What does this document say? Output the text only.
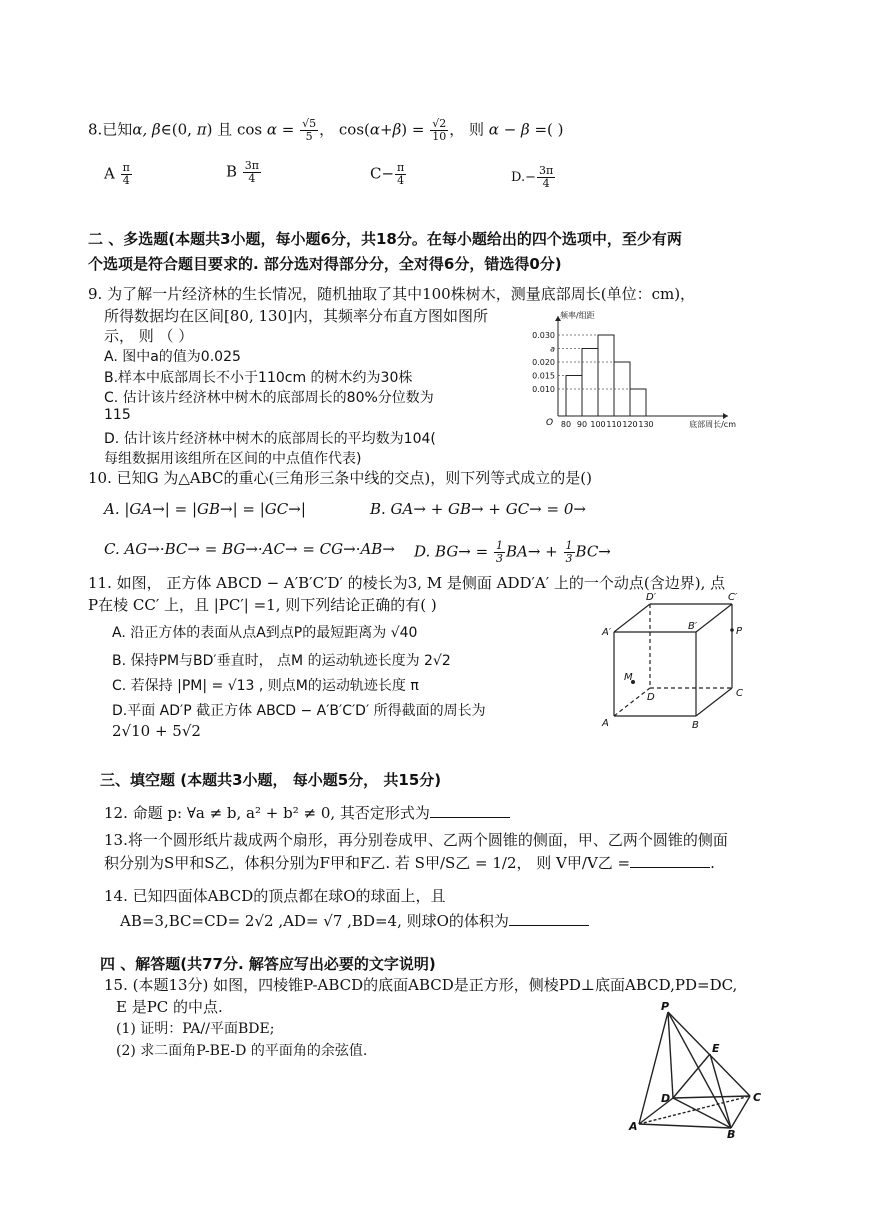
8.已知α, β∈(0, π) 且 $\cos \alpha = \frac{√5}{5}$ ， $\cos(\alpha+\beta) = \frac{√2}{10}$ ， 则 α − β =( )
A $\frac{\pi}{4}$	B $\frac{3\pi}{4}$	$C- \frac{\pi}{4}$	$D.- \frac{3\pi}{4}$
二 、多选题(本题共3小题，每小题6分，共18分。在每小题给出的四个选项中，至少有两
个选项是符合题目要求的. 部分选对得部分分，全对得6分，错选得0分)
9. 为了解一片经济林的生长情况，随机抽取了其中100株树木，测量底部周长(单位：cm)，
所得数据均在区间[80, 130]内，其频率分布直方图如图所
示， 则 （ ）
A. 图中a的值为0.025
B.样本中底部周长不小于110cm 的树木约为30株
C. 估计该片经济林中树木的底部周长的80%分位数为
115
D. 估计该片经济林中树木的底部周长的平均数为104(
每组数据用该组所在区间的中点值作代表)
0.030
a
0.020
0.015
0.010
80 90 100 110 120 130
O
频率/组距
底部周长/cm
10. 已知G 为△ABC的重心(三角形三条中线的交点)，则下列等式成立的是()
A. |GA→| = |GB→| = |GC→|	B. GA→ + GB→ + GC→ = 0→
C. AG→·BC→ = BG→·AC→ = CG→·AB→ D. $BG\to = \frac{1}{3} BA\to + \frac{1}{3} BC\to$
11. 如图， 正方体 ABCD − A′B′C′D′ 的棱长为3, M 是侧面 ADD′A′ 上的一个动点(含边界), 点
P在棱 CC′ 上，且 |PC′| =1, 则下列结论正确的有( )
A. 沿正方体的表面从点A到点P的最短距离为 √40
B. 保持PM与BD′垂直时， 点M 的运动轨迹长度为 2√2
C. 若保持 |PM| = √13 , 则点M的运动轨迹长度 π
D.平面 AD′P 截正方体 ABCD − A′B′C′D′ 所得截面的周长为
2√10 + 5√2	A	B
C
D
A′
B′
C′
D′
M
P
三、填空题 (本题共3小题， 每小题5分， 共15分)
12. 命题 p: ∀a ≠ b, a² + b² ≠ 0, 其否定形式为
13.将一个圆形纸片裁成两个扇形，再分别卷成甲、乙两个圆锥的侧面，甲、乙两个圆锥的侧面
积分别为S甲和S乙，体积分别为F甲和F乙. 若 S甲/S乙 = 1/2， 则 V甲/V乙 =	.
14. 已知四面体ABCD的顶点都在球O的球面上，且
AB=3,BC=CD= 2√2 ,AD= √7 ,BD=4, 则球O的体积为
四 、解答题(共77分. 解答应写出必要的文字说明)
15. (本题13分) 如图，四棱锥P-ABCD的底面ABCD是正方形，侧棱PD⊥底面ABCD,PD=DC,
E 是PC 的中点.
(1) 证明：PA//平面BDE;
(2) 求二面角P-BE-D 的平面角的余弦值.
P
E
D	C
A
B
